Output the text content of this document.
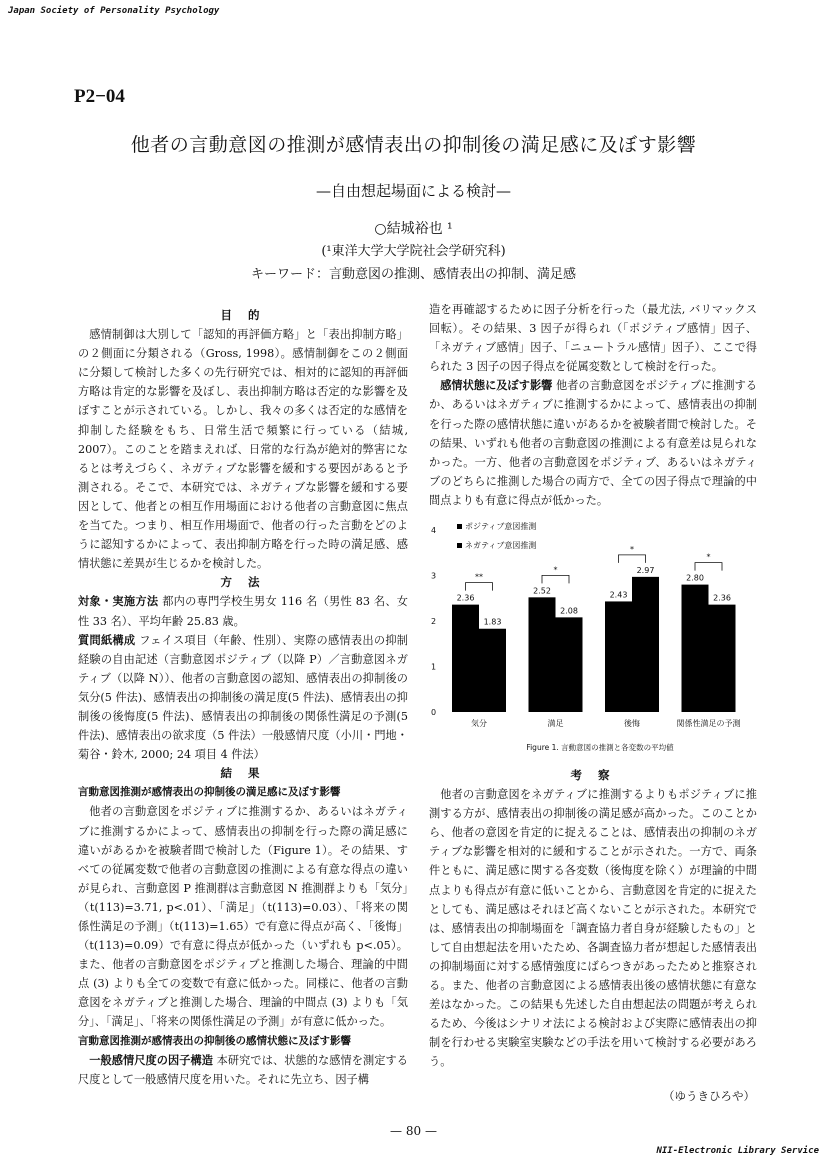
Japan Society of Personality Psychology
P2−04
他者の言動意図の推測が感情表出の抑制後の満足感に及ぼす影響
—自由想起場面による検討—
○結城裕也 ¹
(¹東洋大学大学院社会学研究科)
キーワード：言動意図の推測、感情表出の抑制、満足感
目 的

感情制御は大別して「認知的再評価方略」と「表出抑制方略」の２側面に分類される（Gross, 1998）。感情制御をこの２側面に分類して検討した多くの先行研究では、相対的に認知的再評価方略は肯定的な影響を及ぼし、表出抑制方略は否定的な影響を及ぼすことが示されている。しかし、我々の多くは否定的な感情を抑制した経験をもち、日常生活で頻繁に行っている（結城, 2007）。このことを踏まえれば、日常的な行為が絶対的弊害になるとは考えづらく、ネガティブな影響を緩和する要因があると予測される。そこで、本研究では、ネガティブな影響を緩和する要因として、他者との相互作用場面における他者の言動意図に焦点を当てた。つまり、相互作用場面で、他者の行った言動をどのように認知するかによって、表出抑制方略を行った時の満足感、感情状態に差異が生じるかを検討した。

方 法

対象・実施方法 都内の専門学校生男女 116 名（男性 83 名、女性 33 名）、平均年齢 25.83 歳。

質問紙構成 フェイス項目（年齢、性別）、実際の感情表出の抑制経験の自由記述（言動意図ポジティブ（以降 P）／言動意図ネガティブ（以降 N））、他者の言動意図の認知、感情表出の抑制後の気分(5 件法)、感情表出の抑制後の満足度(5 件法)、感情表出の抑制後の後悔度(5 件法)、感情表出の抑制後の関係性満足の予測(5 件法)、感情表出の欲求度（5 件法）一般感情尺度（小川・門地・菊谷・鈴木, 2000; 24 項目 4 件法）

結 果
言動意図推測が感情表出の抑制後の満足感に及ぼす影響

他者の言動意図をポジティブに推測するか、あるいはネガティブに推測するかによって、感情表出の抑制を行った際の満足感に違いがあるかを被験者間で検討した（Figure 1）。その結果、すべての従属変数で他者の言動意図の推測による有意な得点の違いが見られ、言動意図 P 推測群は言動意図 N 推測群よりも「気分」（t(113)=3.71, p<.01）、「満足」（t(113)=0.03）、「将来の関係性満足の予測」（t(113)=1.65）で有意に得点が高く、「後悔」（t(113)=0.09）で有意に得点が低かった（いずれも p<.05）。また、他者の言動意図をポジティブと推測した場合、理論的中間点 (3) よりも全ての変数で有意に低かった。同様に、他者の言動意図をネガティブと推測した場合、理論的中間点 (3) よりも「気分」、「満足」、「将来の関係性満足の予測」が有意に低かった。

言動意図推測が感情表出の抑制後の感情状態に及ぼす影響

一般感情尺度の因子構造 本研究では、状態的な感情を測定する尺度として一般感情尺度を用いた。それに先立ち、因子構

造を再確認するために因子分析を行った（最尤法, バリマックス回転）。その結果、3 因子が得られ（「ポジティブ感情」因子、「ネガティブ感情」因子、「ニュートラル感情」因子）、ここで得られた 3 因子の因子得点を従属変数として検討を行った。

感情状態に及ぼす影響 他者の言動意図をポジティブに推測するか、あるいはネガティブに推測するかによって、感情表出の抑制を行った際の感情状態に違いがあるかを被験者間で検討した。その結果、いずれも他者の言動意図の推測による有意差は見られなかった。一方、他者の言動意図をポジティブ、あるいはネガティブのどちらに推測した場合の両方で、全ての因子得点で理論的中間点よりも有意に得点が低かった。

0
1
2
3
4
2.36
1.83
**
気分
2.52
2.08
*
満足
2.43
2.97
*
後悔
2.80
2.36
*
関係性満足の予測
ポジティブ意図推測
ネガティブ意図推測
Figure 1. 言動意図の推測と各変数の平均値
考 察

他者の言動意図をネガティブに推測するよりもポジティブに推測する方が、感情表出の抑制後の満足感が高かった。このことから、他者の意図を肯定的に捉えることは、感情表出の抑制のネガティブな影響を相対的に緩和することが示された。一方で、両条件ともに、満足感に関する各変数（後悔度を除く）が理論的中間点よりも得点が有意に低いことから、言動意図を肯定的に捉えたとしても、満足感はそれほど高くないことが示された。本研究では、感情表出の抑制場面を「調査協力者自身が経験したもの」として自由想起法を用いたため、各調査協力者が想起した感情表出の抑制場面に対する感情強度にばらつきがあったためと推察される。また、他者の言動意図による感情表出後の感情状態に有意な差はなかった。この結果も先述した自由想起法の問題が考えられるため、今後はシナリオ法による検討および実際に感情表出の抑制を行わせる実験室実験などの手法を用いて検討する必要があろう。

（ゆうきひろや）
— 80 —
NII-Electronic Library Service
